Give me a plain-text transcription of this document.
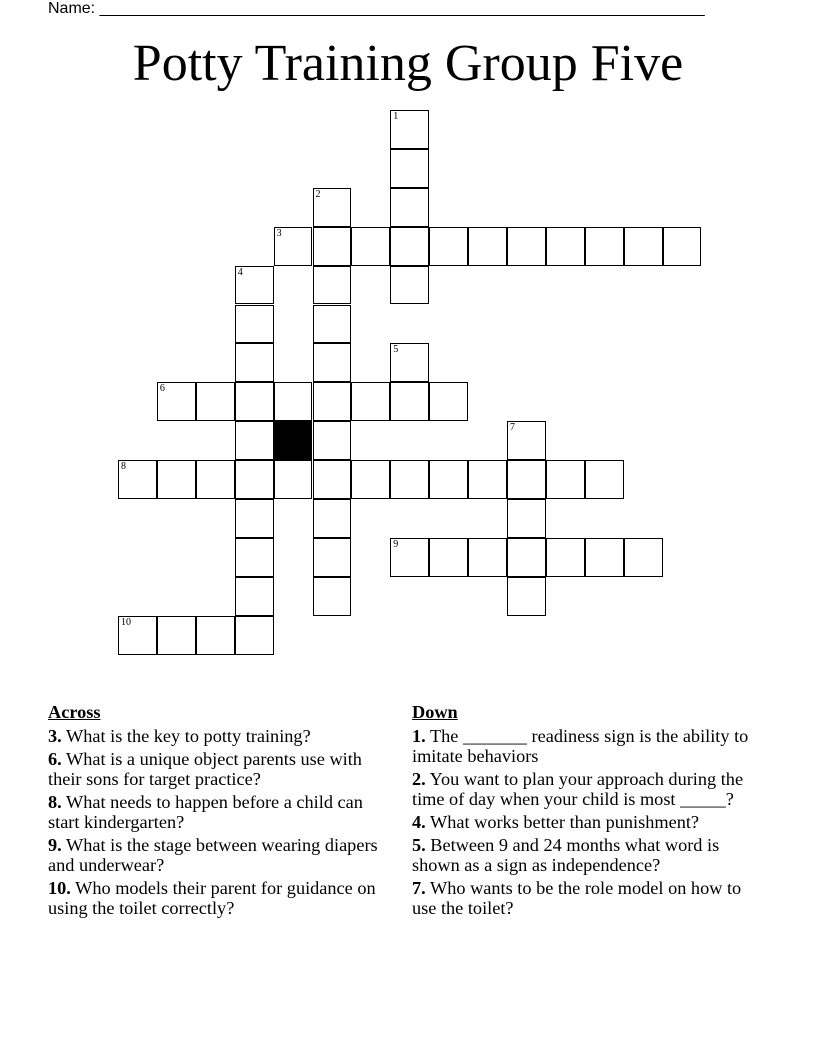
Name: ____________________________________________________________________
Potty Training Group Five
3
6
8
9
10
1
2
4
5
7
Across
3. What is the key to potty training?
6. What is a unique object parents use with their sons for target practice?
8. What needs to happen before a child can start kindergarten?
9. What is the stage between wearing diapers and underwear?
10. Who models their parent for guidance on using the toilet correctly?
Down
1. The _______ readiness sign is the ability to imitate behaviors
2. You want to plan your approach during the time of day when your child is most _____?
4. What works better than punishment?
5. Between 9 and 24 months what word is shown as a sign as independence?
7. Who wants to be the role model on how to use the toilet?
